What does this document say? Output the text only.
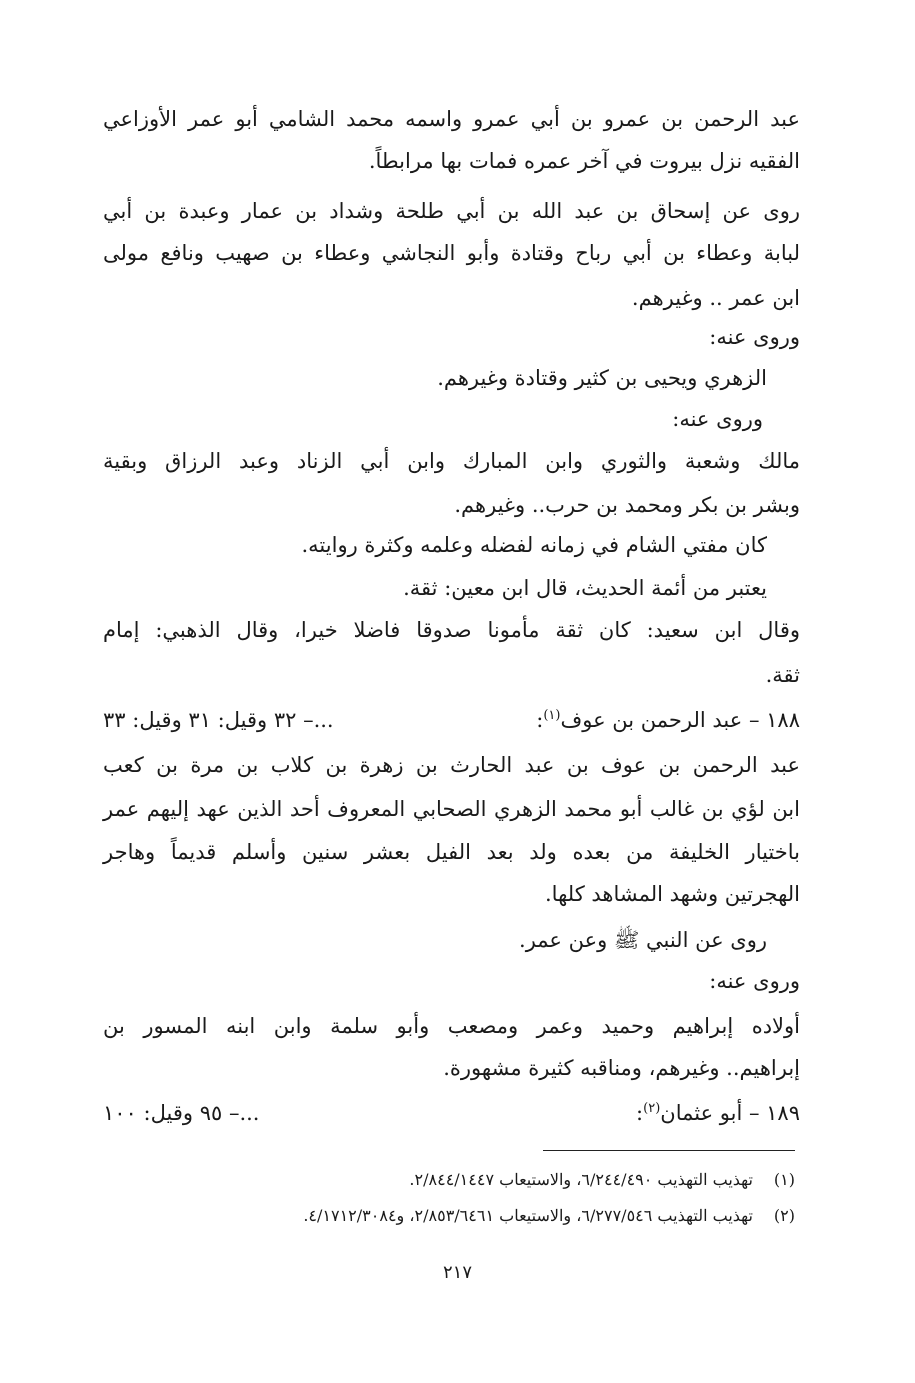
عبد الرحمن بن عمرو بن أبي عمرو واسمه محمد الشامي أبو عمر الأوزاعي
الفقيه نزل بيروت في آخر عمره فمات بها مرابطاً.
روى عن إسحاق بن عبد الله بن أبي طلحة وشداد بن عمار وعبدة بن أبي
لبابة وعطاء بن أبي رباح وقتادة وأبو النجاشي وعطاء بن صهيب ونافع مولى
ابن عمر .. وغيرهم.
وروى عنه:
الزهري ويحيى بن كثير وقتادة وغيرهم.
وروى عنه:
مالك وشعبة والثوري وابن المبارك وابن أبي الزناد وعبد الرزاق وبقية
وبشر بن بكر ومحمد بن حرب.. وغيرهم.
كان مفتي الشام في زمانه لفضله وعلمه وكثرة روايته.
يعتبر من أئمة الحديث، قال ابن معين: ثقة.
وقال ابن سعيد: كان ثقة مأمونا صدوقا فاضلا خيرا، وقال الذهبي: إمام
ثقة.
١٨٨ – عبد الرحمن بن عوف$^{(١)}$:
...– ٣٢ وقيل: ٣١ وقيل: ٣٣
عبد الرحمن بن عوف بن عبد الحارث بن زهرة بن كلاب بن مرة بن كعب
ابن لؤي بن غالب أبو محمد الزهري الصحابي المعروف أحد الذين عهد إليهم عمر
باختيار الخليفة من بعده ولد بعد الفيل بعشر سنين وأسلم قديماً وهاجر
الهجرتين وشهد المشاهد كلها.
روى عن النبي ﷺ وعن عمر.
وروى عنه:
أولاده إبراهيم وحميد وعمر ومصعب وأبو سلمة وابن ابنه المسور بن
إبراهيم.. وغيرهم، ومناقبه كثيرة مشهورة.
١٨٩ – أبو عثمان$^{(٢)}$:
...– ٩٥ وقيل: ١٠٠
(١)تهذيب التهذيب ٦/٢٤٤/٤٩٠، والاستيعاب ٢/٨٤٤/١٤٤٧.
(٢)تهذيب التهذيب ٦/٢٧٧/٥٤٦، والاستيعاب ٢/٨٥٣/٦٤٦١، و٤/١٧١٢/٣٠٨٤.
٢١٧
